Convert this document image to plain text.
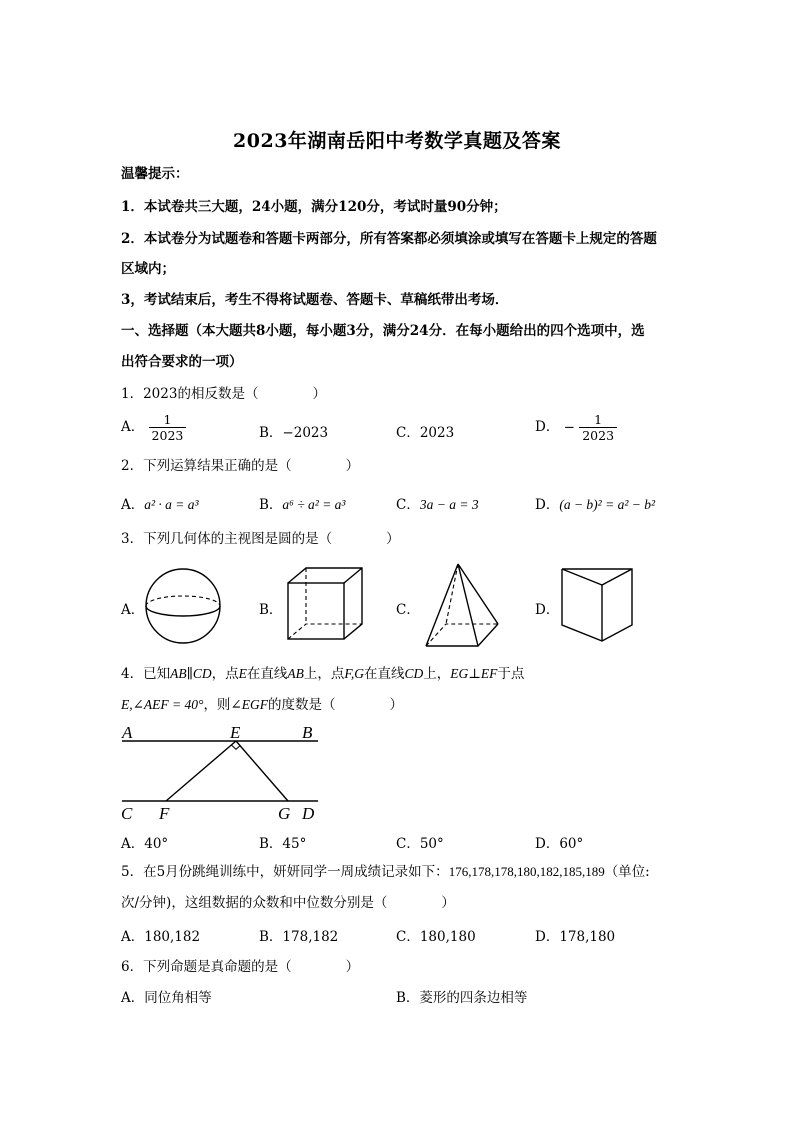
2023年湖南岳阳中考数学真题及答案
温馨提示：
1．本试卷共三大题，24小题，满分120分，考试时量90分钟；
2．本试卷分为试题卷和答题卡两部分，所有答案都必须填涂或填写在答题卡上规定的答题
区域内；
3，考试结束后，考生不得将试题卷、答题卡、草稿纸带出考场．
一、选择题（本大题共8小题，每小题3分，满分24分．在每小题给出的四个选项中，选
出符合要求的一项）
1．2023的相反数是（　　　　）
A． $\frac{1}{2023}$	B．−2023	C．2023	D． − $\frac{1}{2023}$
2．下列运算结果正确的是（　　　　）
A．a² · a = a³	B．a⁶ ÷ a² = a³	C．3a − a = 3	D．(a − b)² = a² − b²
3．下列几何体的主视图是圆的是（　　　　）
A．	B．	C．	D．
4．已知AB∥CD，点E在直线AB上，点F,G在直线CD上，EG⊥EF于点
E,∠AEF = 40°，则∠EGF的度数是（　　　　）
A	E	B
C F	G D
A．40°	B．45°	C．50°	D．60°
5．在5月份跳绳训练中，妍妍同学一周成绩记录如下：176,178,178,180,182,185,189（单位:
次/分钟)，这组数据的众数和中位数分别是（　　　　）
A．180,182	B．178,182	C．180,180	D．178,180
6．下列命题是真命题的是（　　　　）
A．同位角相等	B．菱形的四条边相等
